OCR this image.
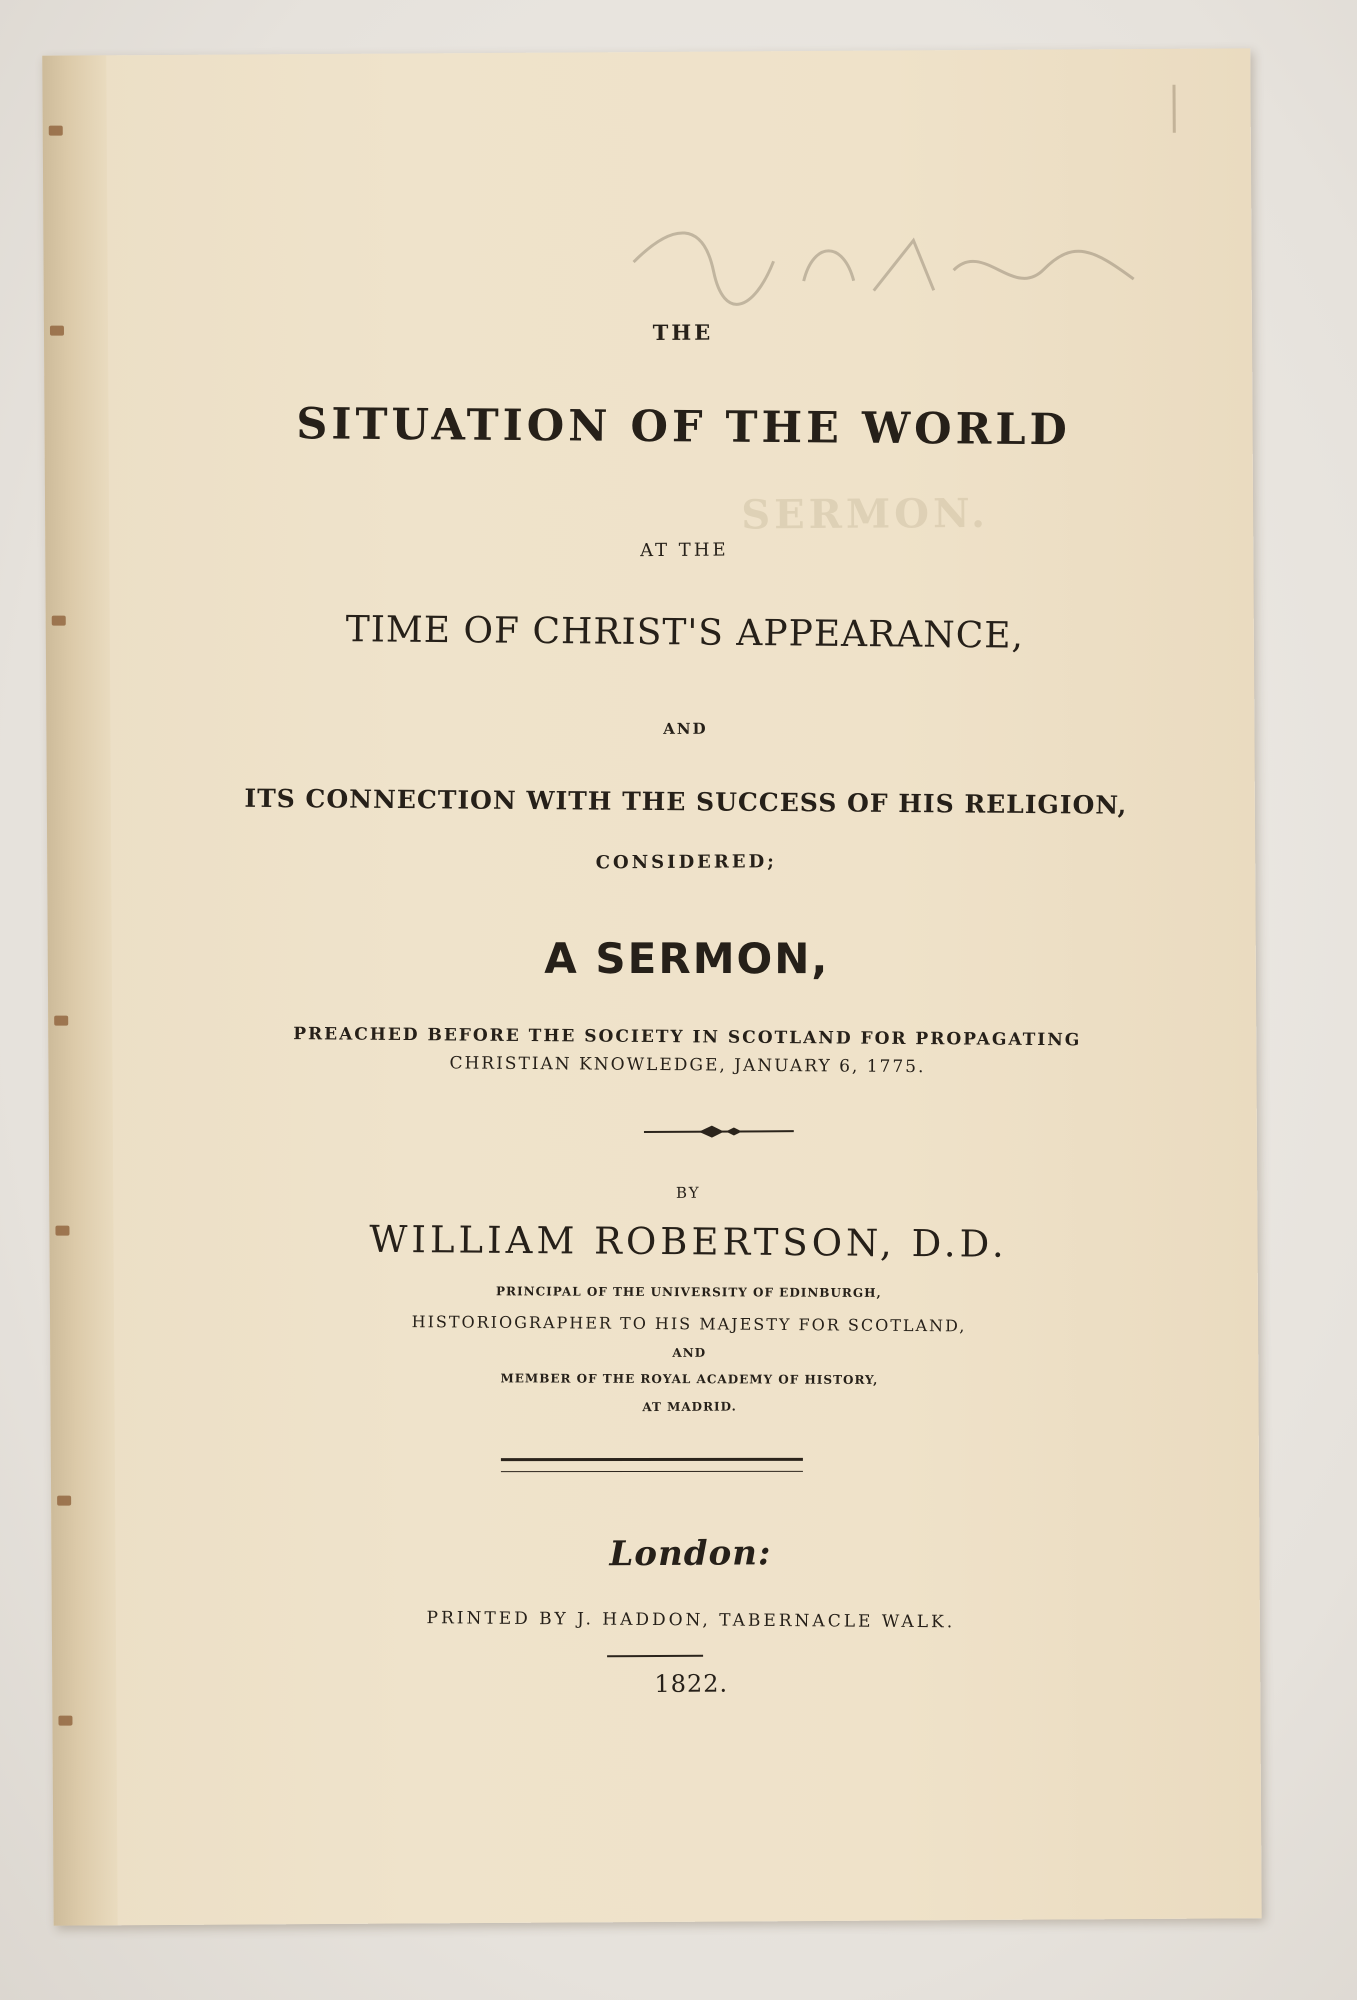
SERMON.
THE
SITUATION OF THE WORLD
AT THE
TIME OF CHRIST'S APPEARANCE,
AND
ITS CONNECTION WITH THE SUCCESS OF HIS RELIGION,
CONSIDERED;
A SERMON,
PREACHED BEFORE THE SOCIETY IN SCOTLAND FOR PROPAGATING
CHRISTIAN KNOWLEDGE, JANUARY 6, 1775.
BY
WILLIAM ROBERTSON, D.D.
PRINCIPAL OF THE UNIVERSITY OF EDINBURGH,
HISTORIOGRAPHER TO HIS MAJESTY FOR SCOTLAND,
AND
MEMBER OF THE ROYAL ACADEMY OF HISTORY,
AT MADRID.
London:
PRINTED BY J. HADDON, TABERNACLE WALK.
1822.
